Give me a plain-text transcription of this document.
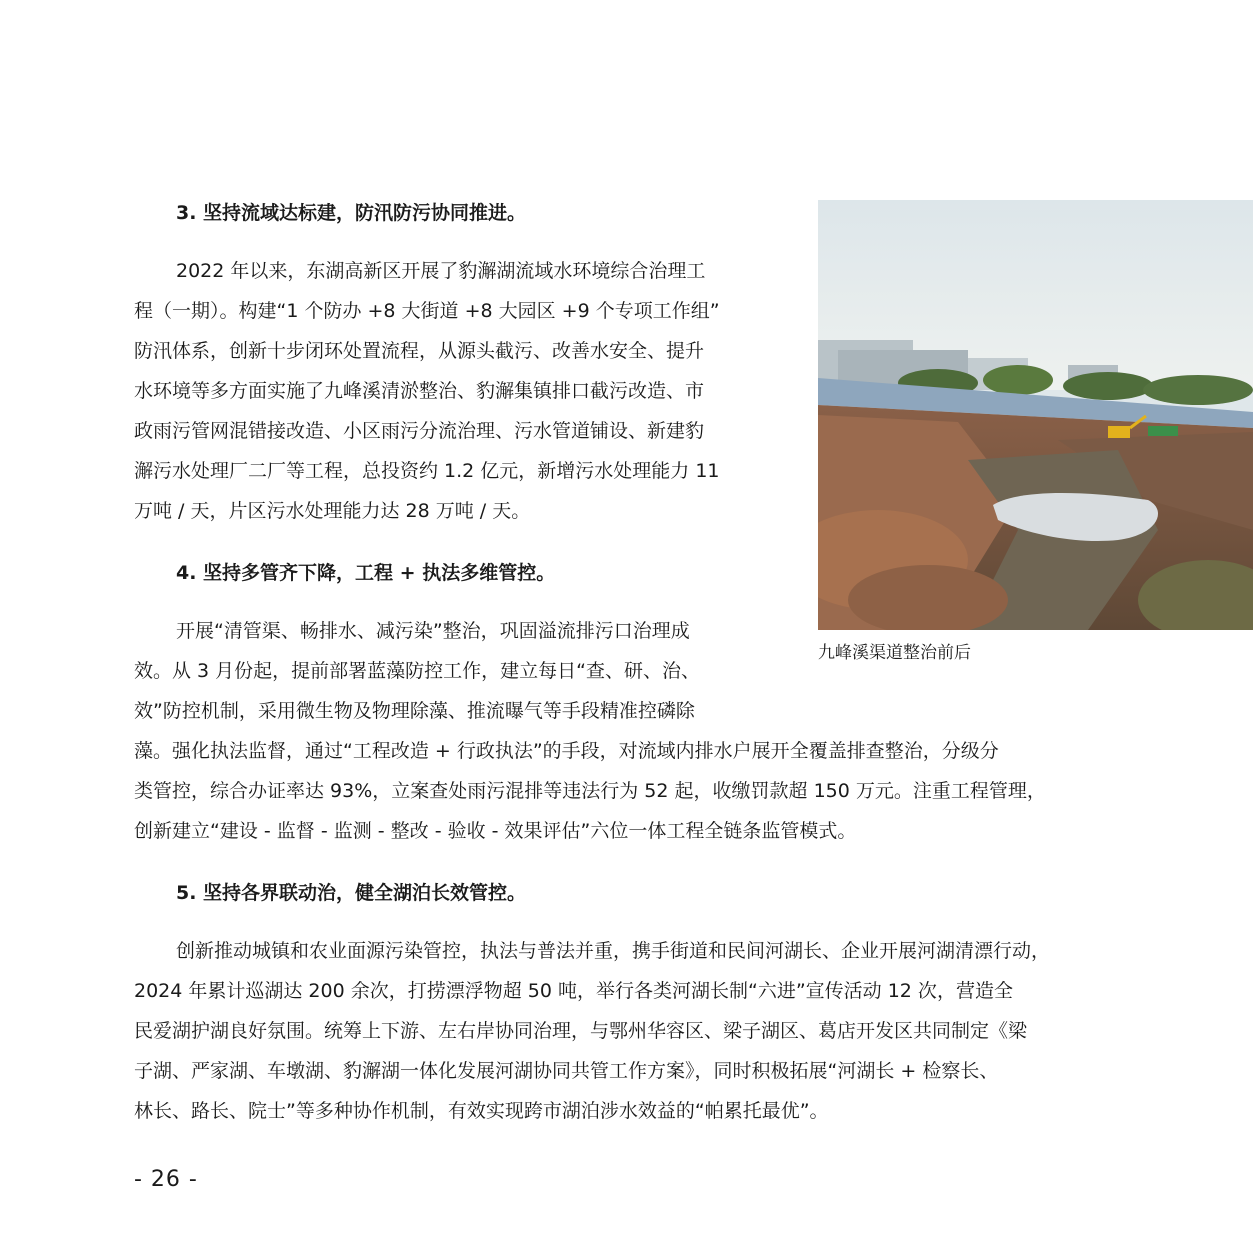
3. 坚持流域达标建，防汛防污协同推进。

2022 年以来，东湖高新区开展了豹澥湖流域水环境综合治理工
程（一期）。构建“1 个防办 +8 大街道 +8 大园区 +9 个专项工作组”
防汛体系，创新十步闭环处置流程，从源头截污、改善水安全、提升
水环境等多方面实施了九峰溪清淤整治、豹澥集镇排口截污改造、市
政雨污管网混错接改造、小区雨污分流治理、污水管道铺设、新建豹
澥污水处理厂二厂等工程，总投资约 1.2 亿元，新增污水处理能力 11
万吨 / 天，片区污水处理能力达 28 万吨 / 天。

4. 坚持多管齐下降，工程 + 执法多维管控。

开展“清管渠、畅排水、减污染”整治，巩固溢流排污口治理成
效。从 3 月份起，提前部署蓝藻防控工作，建立每日“查、研、治、
效”防控机制，采用微生物及物理除藻、推流曝气等手段精准控磷除
藻。强化执法监督，通过“工程改造 + 行政执法”的手段，对流域内排水户展开全覆盖排查整治，分级分
类管控，综合办证率达 93%，立案查处雨污混排等违法行为 52 起，收缴罚款超 150 万元。注重工程管理，
创新建立“建设 - 监督 - 监测 - 整改 - 验收 - 效果评估”六位一体工程全链条监管模式。

5. 坚持各界联动治，健全湖泊长效管控。

创新推动城镇和农业面源污染管控，执法与普法并重，携手街道和民间河湖长、企业开展河湖清漂行动，
2024 年累计巡湖达 200 余次，打捞漂浮物超 50 吨，举行各类河湖长制“六进”宣传活动 12 次，营造全
民爱湖护湖良好氛围。统筹上下游、左右岸协同治理，与鄂州华容区、梁子湖区、葛店开发区共同制定《梁
子湖、严家湖、车墩湖、豹澥湖一体化发展河湖协同共管工作方案》，同时积极拓展“河湖长 + 检察长、
林长、路长、院士”等多种协作机制，有效实现跨市湖泊涉水效益的“帕累托最优”。

九峰溪渠道整治前后

- 26 -
